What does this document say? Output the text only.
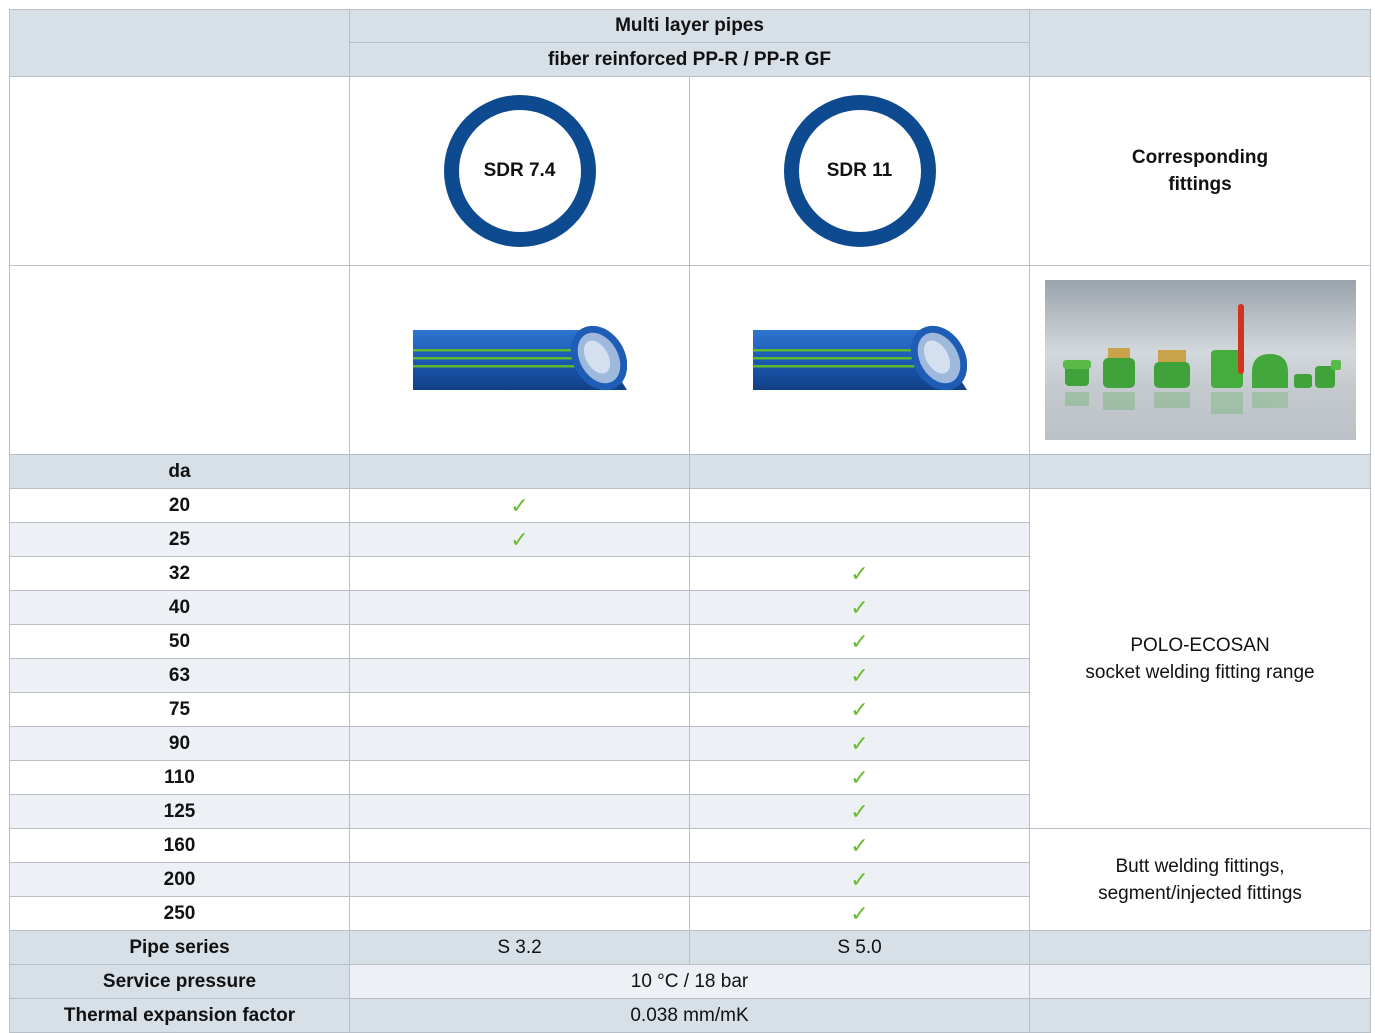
	Multi layer pipes		
	fiber reinforced PP-R / PP-R GF		

	SDR 7.4	SDR 11	Corresponding
fittings

da			
20	✓		POLO-ECOSAN
socket welding fitting range

25	✓		
32		✓	
40		✓	
50		✓	
63		✓	
75		✓	
90		✓	
110		✓	
125		✓	
160		✓	Butt welding fittings,
segment/injected fittings

200		✓	
250		✓	
Pipe series	S 3.2	S 5.0	
Service pressure	10 °C / 18 bar		
Thermal expansion factor	0.038 mm/mK		
